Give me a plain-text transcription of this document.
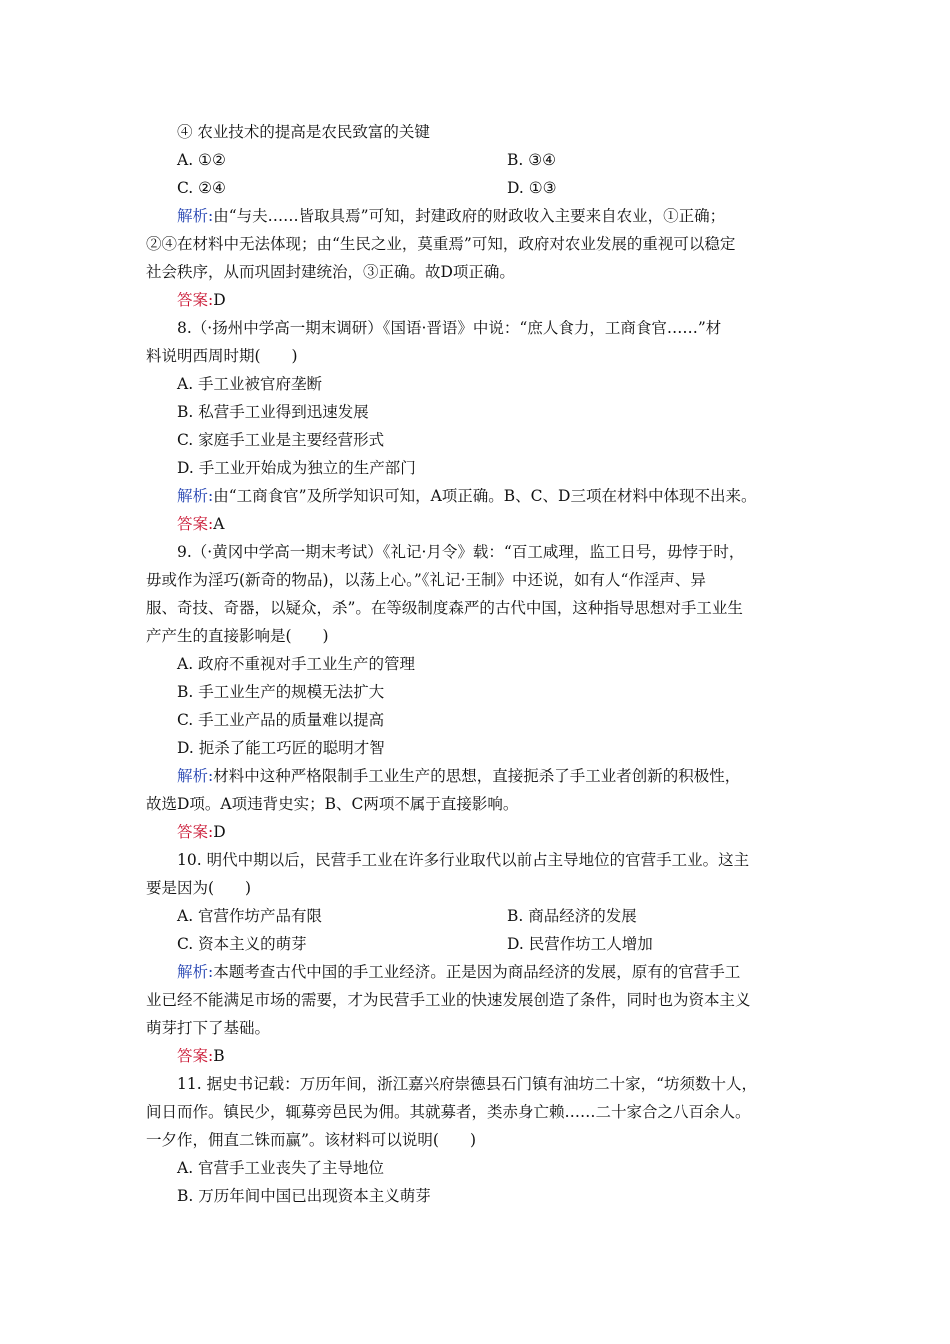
④ 农业技术的提高是农民致富的关键
A. ①②	B. ③④
C. ②④	D. ①③
解析:由“与夫……皆取具焉”可知，封建政府的财政收入主要来自农业，①正确；
②④在材料中无法体现；由“生民之业，莫重焉”可知，政府对农业发展的重视可以稳定
社会秩序，从而巩固封建统治，③正确。故D项正确。
答案:D
8.（·扬州中学高一期末调研）《国语·晋语》中说：“庶人食力，工商食官……”材
料说明西周时期(　　)
A. 手工业被官府垄断
B. 私营手工业得到迅速发展
C. 家庭手工业是主要经营形式
D. 手工业开始成为独立的生产部门
解析:由“工商食官”及所学知识可知，A项正确。B、C、D三项在材料中体现不出来。
答案:A
9.（·黄冈中学高一期末考试）《礼记·月令》载：“百工咸理，监工日号，毋悖于时，
毋或作为淫巧(新奇的物品)，以荡上心。”《礼记·王制》中还说，如有人“作淫声、异
服、奇技、奇器，以疑众，杀”。在等级制度森严的古代中国，这种指导思想对手工业生
产产生的直接影响是(　　)
A. 政府不重视对手工业生产的管理
B. 手工业生产的规模无法扩大
C. 手工业产品的质量难以提高
D. 扼杀了能工巧匠的聪明才智
解析:材料中这种严格限制手工业生产的思想，直接扼杀了手工业者创新的积极性，
故选D项。A项违背史实；B、C两项不属于直接影响。
答案:D
10. 明代中期以后，民营手工业在许多行业取代以前占主导地位的官营手工业。这主
要是因为(　　)
A. 官营作坊产品有限	B. 商品经济的发展
C. 资本主义的萌芽	D. 民营作坊工人增加
解析:本题考查古代中国的手工业经济。正是因为商品经济的发展，原有的官营手工
业已经不能满足市场的需要，才为民营手工业的快速发展创造了条件，同时也为资本主义
萌芽打下了基础。
答案:B
11. 据史书记载：万历年间，浙江嘉兴府崇德县石门镇有油坊二十家，“坊须数十人，
间日而作。镇民少，辄募旁邑民为佣。其就募者，类赤身亡赖……二十家合之八百余人。
一夕作，佣直二铢而赢”。该材料可以说明(　　)
A. 官营手工业丧失了主导地位
B. 万历年间中国已出现资本主义萌芽
